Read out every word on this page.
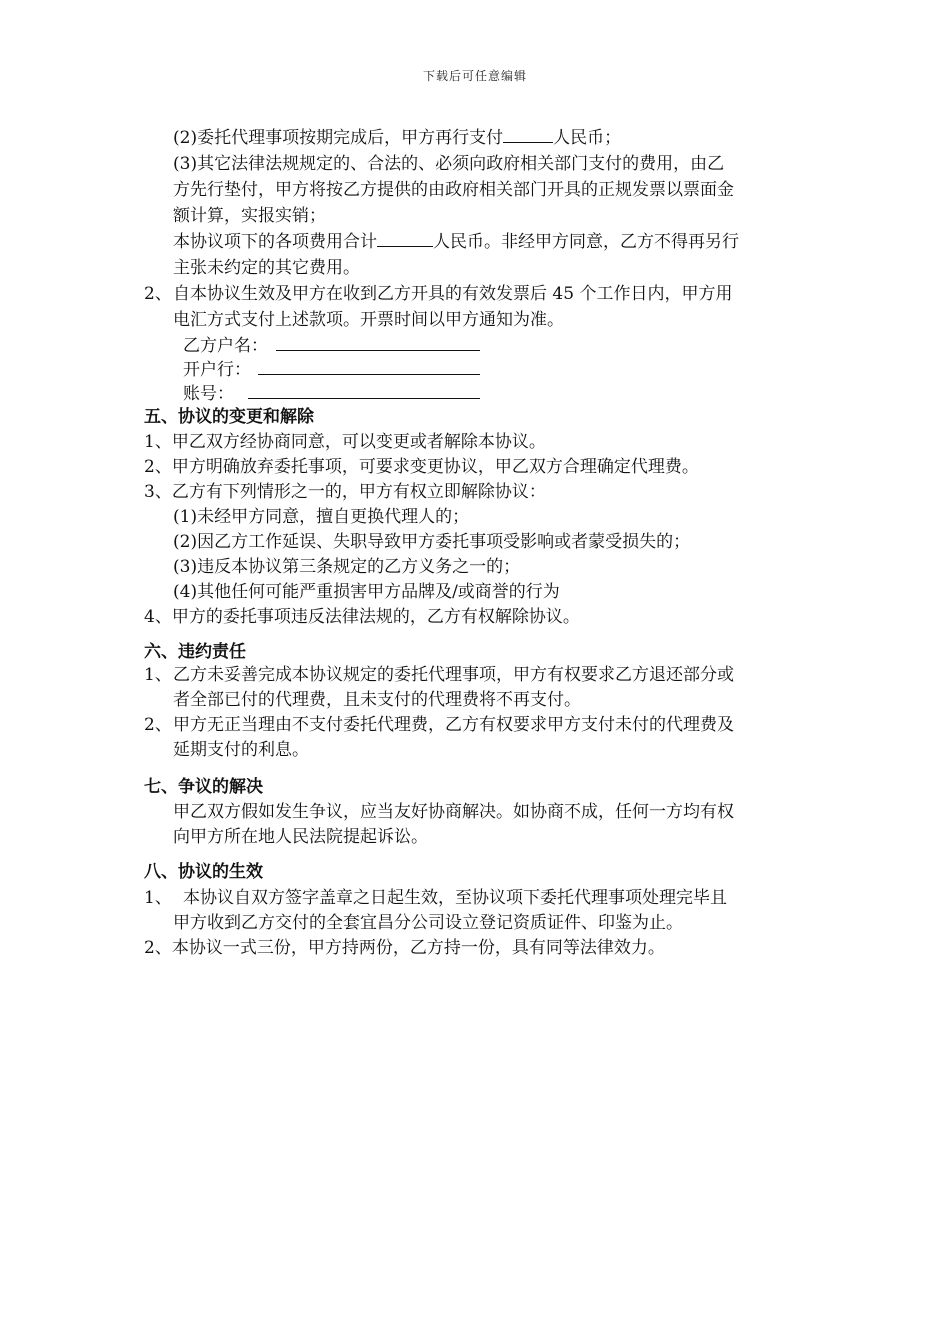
下载后可任意编辑
(2)委托代理事项按期完成后，甲方再行支付	人民币；
(3)其它法律法规规定的、合法的、必须向政府相关部门支付的费用，由乙
方先行垫付，甲方将按乙方提供的由政府相关部门开具的正规发票以票面金
额计算，实报实销；
本协议项下的各项费用合计	人民币。非经甲方同意，乙方不得再另行
主张未约定的其它费用。
2、 自本协议生效及甲方在收到乙方开具的有效发票后 45 个工作日内，甲方用
电汇方式支付上述款项。开票时间以甲方通知为准。
乙方户名：
开户行：
账号：
五、协议的变更和解除
1、甲乙双方经协商同意，可以变更或者解除本协议。
2、甲方明确放弃委托事项，可要求变更协议，甲乙双方合理确定代理费。
3、乙方有下列情形之一的，甲方有权立即解除协议：
(1)未经甲方同意，擅自更换代理人的；
(2)因乙方工作延误、失职导致甲方委托事项受影响或者蒙受损失的；
(3)违反本协议第三条规定的乙方义务之一的；
(4)其他任何可能严重损害甲方品牌及/或商誉的行为
4、甲方的委托事项违反法律法规的，乙方有权解除协议。
六、违约责任
1、 乙方未妥善完成本协议规定的委托代理事项，甲方有权要求乙方退还部分或
者全部已付的代理费，且未支付的代理费将不再支付。
2、 甲方无正当理由不支付委托代理费，乙方有权要求甲方支付未付的代理费及
延期支付的利息。
七、争议的解决
甲乙双方假如发生争议，应当友好协商解决。如协商不成，任何一方均有权
向甲方所在地人民法院提起诉讼。
八、协议的生效
1、 本协议自双方签字盖章之日起生效，至协议项下委托代理事项处理完毕且
甲方收到乙方交付的全套宜昌分公司设立登记资质证件、印鉴为止。
2、本协议一式三份，甲方持两份，乙方持一份，具有同等法律效力。
